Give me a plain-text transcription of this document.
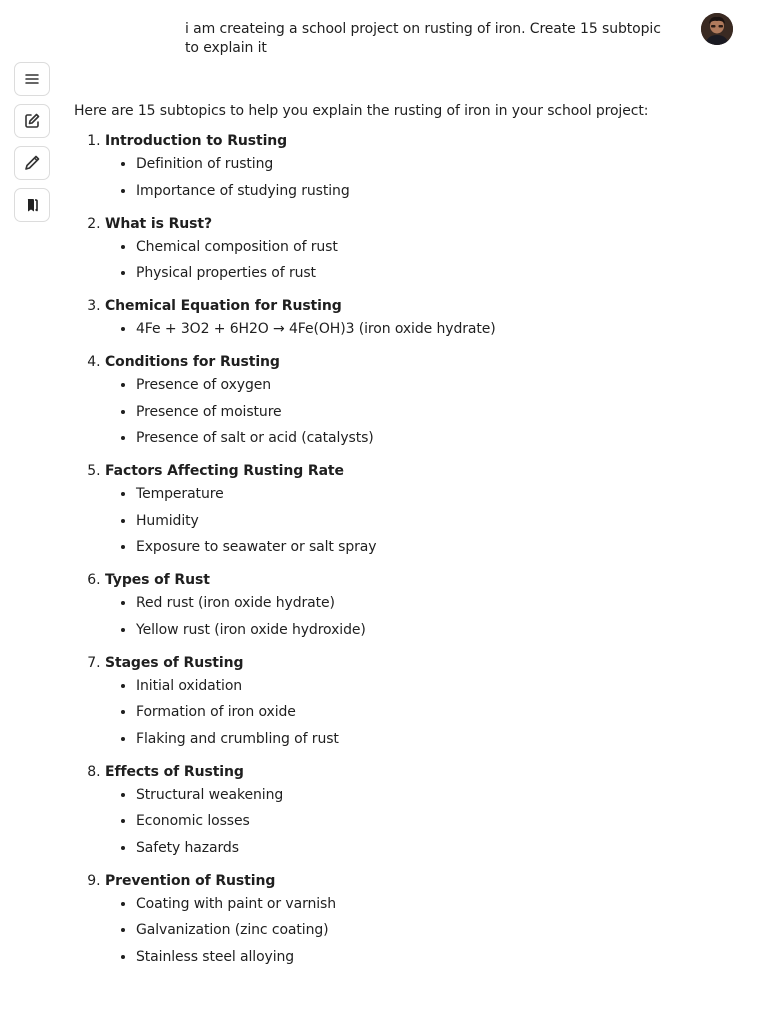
i am createing a school project on rusting of iron. Create 15 subtopic to explain it

Here are 15 subtopics to help you explain the rusting of iron in your school project:

1. Introduction to Rusting
• Definition of rusting
• Importance of studying rusting
2. What is Rust?
• Chemical composition of rust
• Physical properties of rust
3. Chemical Equation for Rusting
• 4Fe + 3O2 + 6H2O → 4Fe(OH)3 (iron oxide hydrate)
4. Conditions for Rusting
• Presence of oxygen
• Presence of moisture
• Presence of salt or acid (catalysts)
5. Factors Affecting Rusting Rate
• Temperature
• Humidity
• Exposure to seawater or salt spray
6. Types of Rust
• Red rust (iron oxide hydrate)
• Yellow rust (iron oxide hydroxide)
7. Stages of Rusting
• Initial oxidation
• Formation of iron oxide
• Flaking and crumbling of rust
8. Effects of Rusting
• Structural weakening
• Economic losses
• Safety hazards
9. Prevention of Rusting
• Coating with paint or varnish
• Galvanization (zinc coating)
• Stainless steel alloying
